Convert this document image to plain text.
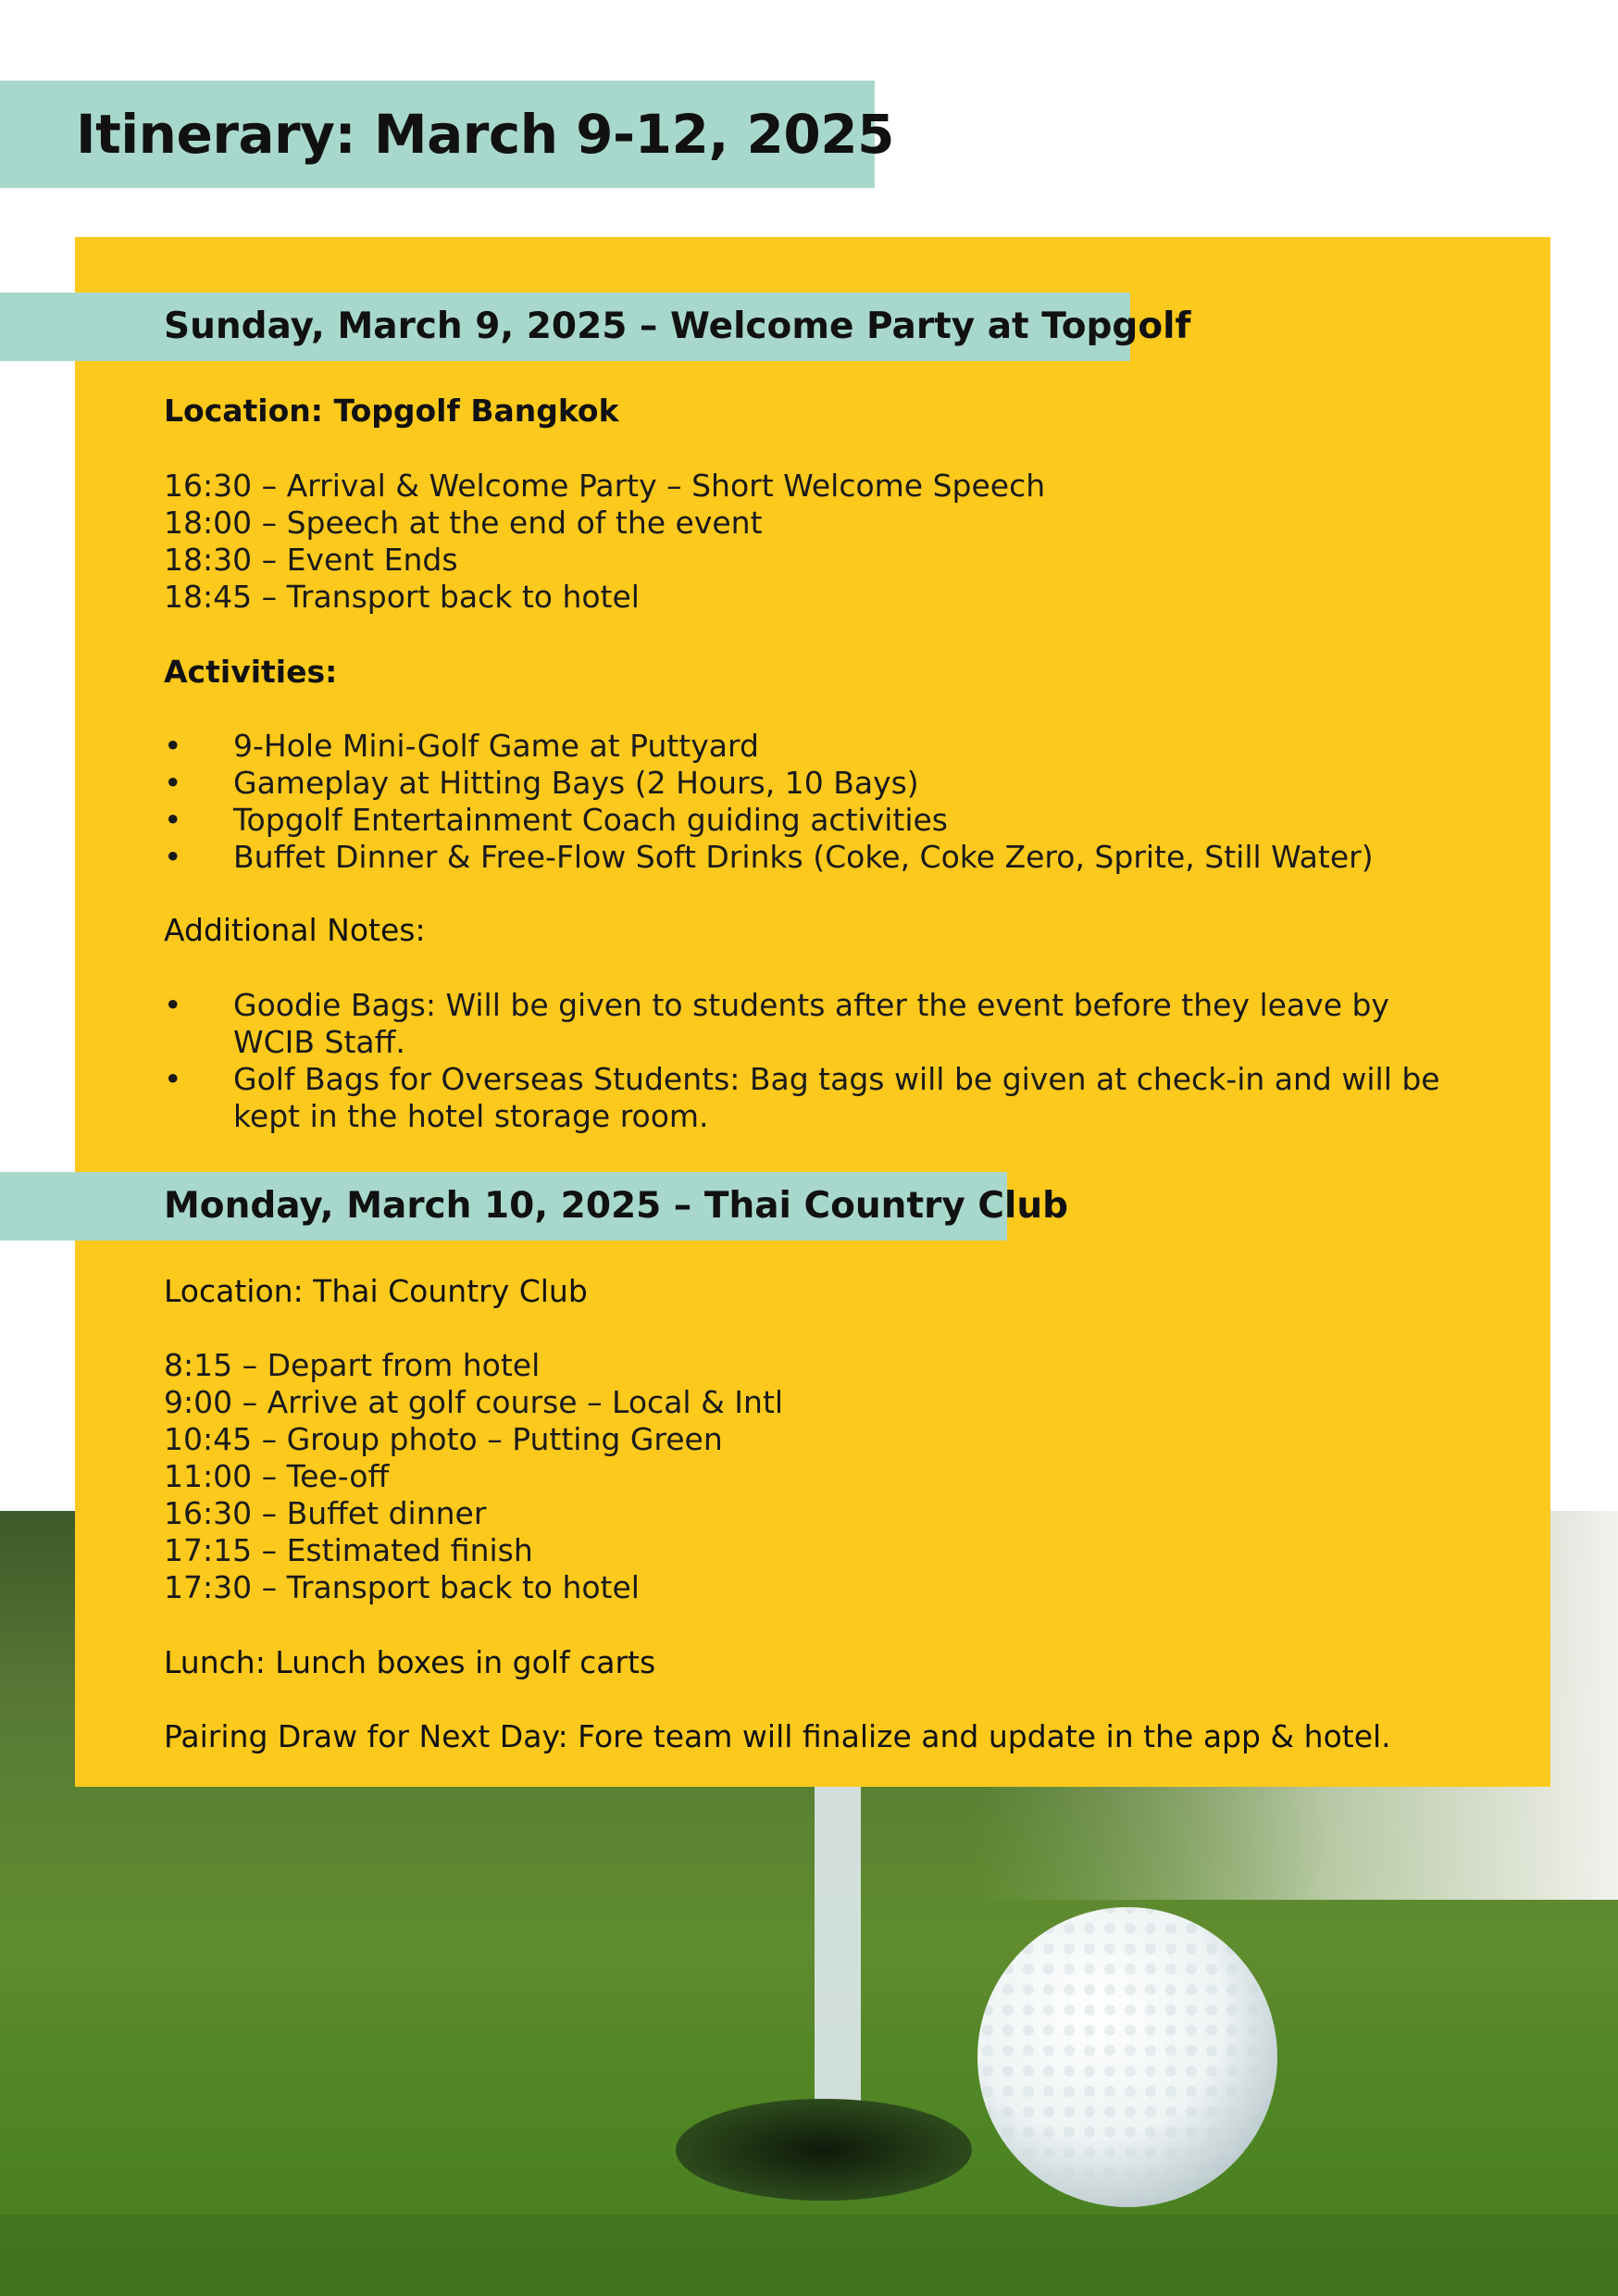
Itinerary: March 9-12, 2025
Sunday, March 9, 2025 – Welcome Party at Topgolf

Location: Topgolf Bangkok

16:30 – Arrival & Welcome Party – Short Welcome Speech
18:00 – Speech at the end of the event
18:30 – Event Ends
18:45 – Transport back to hotel

Activities:

• 9-Hole Mini-Golf Game at Puttyard
• Gameplay at Hitting Bays (2 Hours, 10 Bays)
• Topgolf Entertainment Coach guiding activities
• Buffet Dinner & Free-Flow Soft Drinks (Coke, Coke Zero, Sprite, Still Water)

Additional Notes:

• Goodie Bags: Will be given to students after the event before they leave by WCIB Staff.
• Golf Bags for Overseas Students: Bag tags will be given at check-in and will be kept in the hotel storage room.
Monday, March 10, 2025 – Thai Country Club

Location: Thai Country Club

8:15 – Depart from hotel
9:00 – Arrive at golf course – Local & Intl
10:45 – Group photo – Putting Green
11:00 – Tee-off
16:30 – Buffet dinner
17:15 – Estimated finish
17:30 – Transport back to hotel

Lunch: Lunch boxes in golf carts

Pairing Draw for Next Day: Fore team will finalize and update in the app & hotel.
